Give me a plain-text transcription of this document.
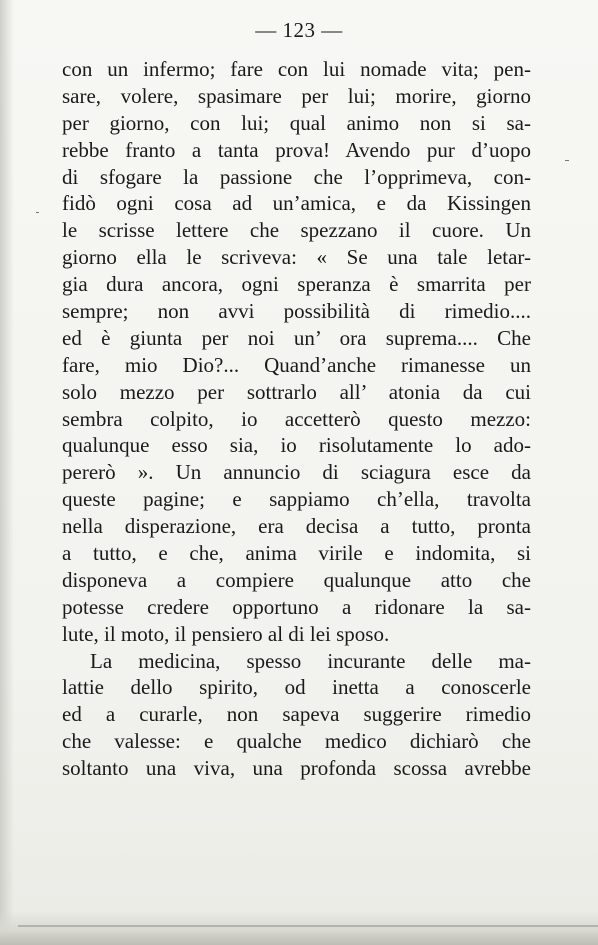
— 123 —
con un infermo; fare con lui nomade vita; pen-
sare, volere, spasimare per lui; morire, giorno
per giorno, con lui; qual animo non si sa-
rebbe franto a tanta prova! Avendo pur d’uopo
di sfogare la passione che l’opprimeva, con-
fidò ogni cosa ad un’amica, e da Kissingen
le scrisse lettere che spezzano il cuore. Un
giorno ella le scriveva: « Se una tale letar-
gia dura ancora, ogni speranza è smarrita per
sempre; non avvi possibilità di rimedio....
ed è giunta per noi un’ ora suprema.... Che
fare, mio Dio?... Quand’anche rimanesse un
solo mezzo per sottrarlo all’ atonia da cui
sembra colpito, io accetterò questo mezzo:
qualunque esso sia, io risolutamente lo ado-
pererò ». Un annuncio di sciagura esce da
queste pagine; e sappiamo ch’ella, travolta
nella disperazione, era decisa a tutto, pronta
a tutto, e che, anima virile e indomita, si
disponeva a compiere qualunque atto che
potesse credere opportuno a ridonare la sa-
lute, il moto, il pensiero al di lei sposo.
La medicina, spesso incurante delle ma-
lattie dello spirito, od inetta a conoscerle
ed a curarle, non sapeva suggerire rimedio
che valesse: e qualche medico dichiarò che
soltanto una viva, una profonda scossa avrebbe
